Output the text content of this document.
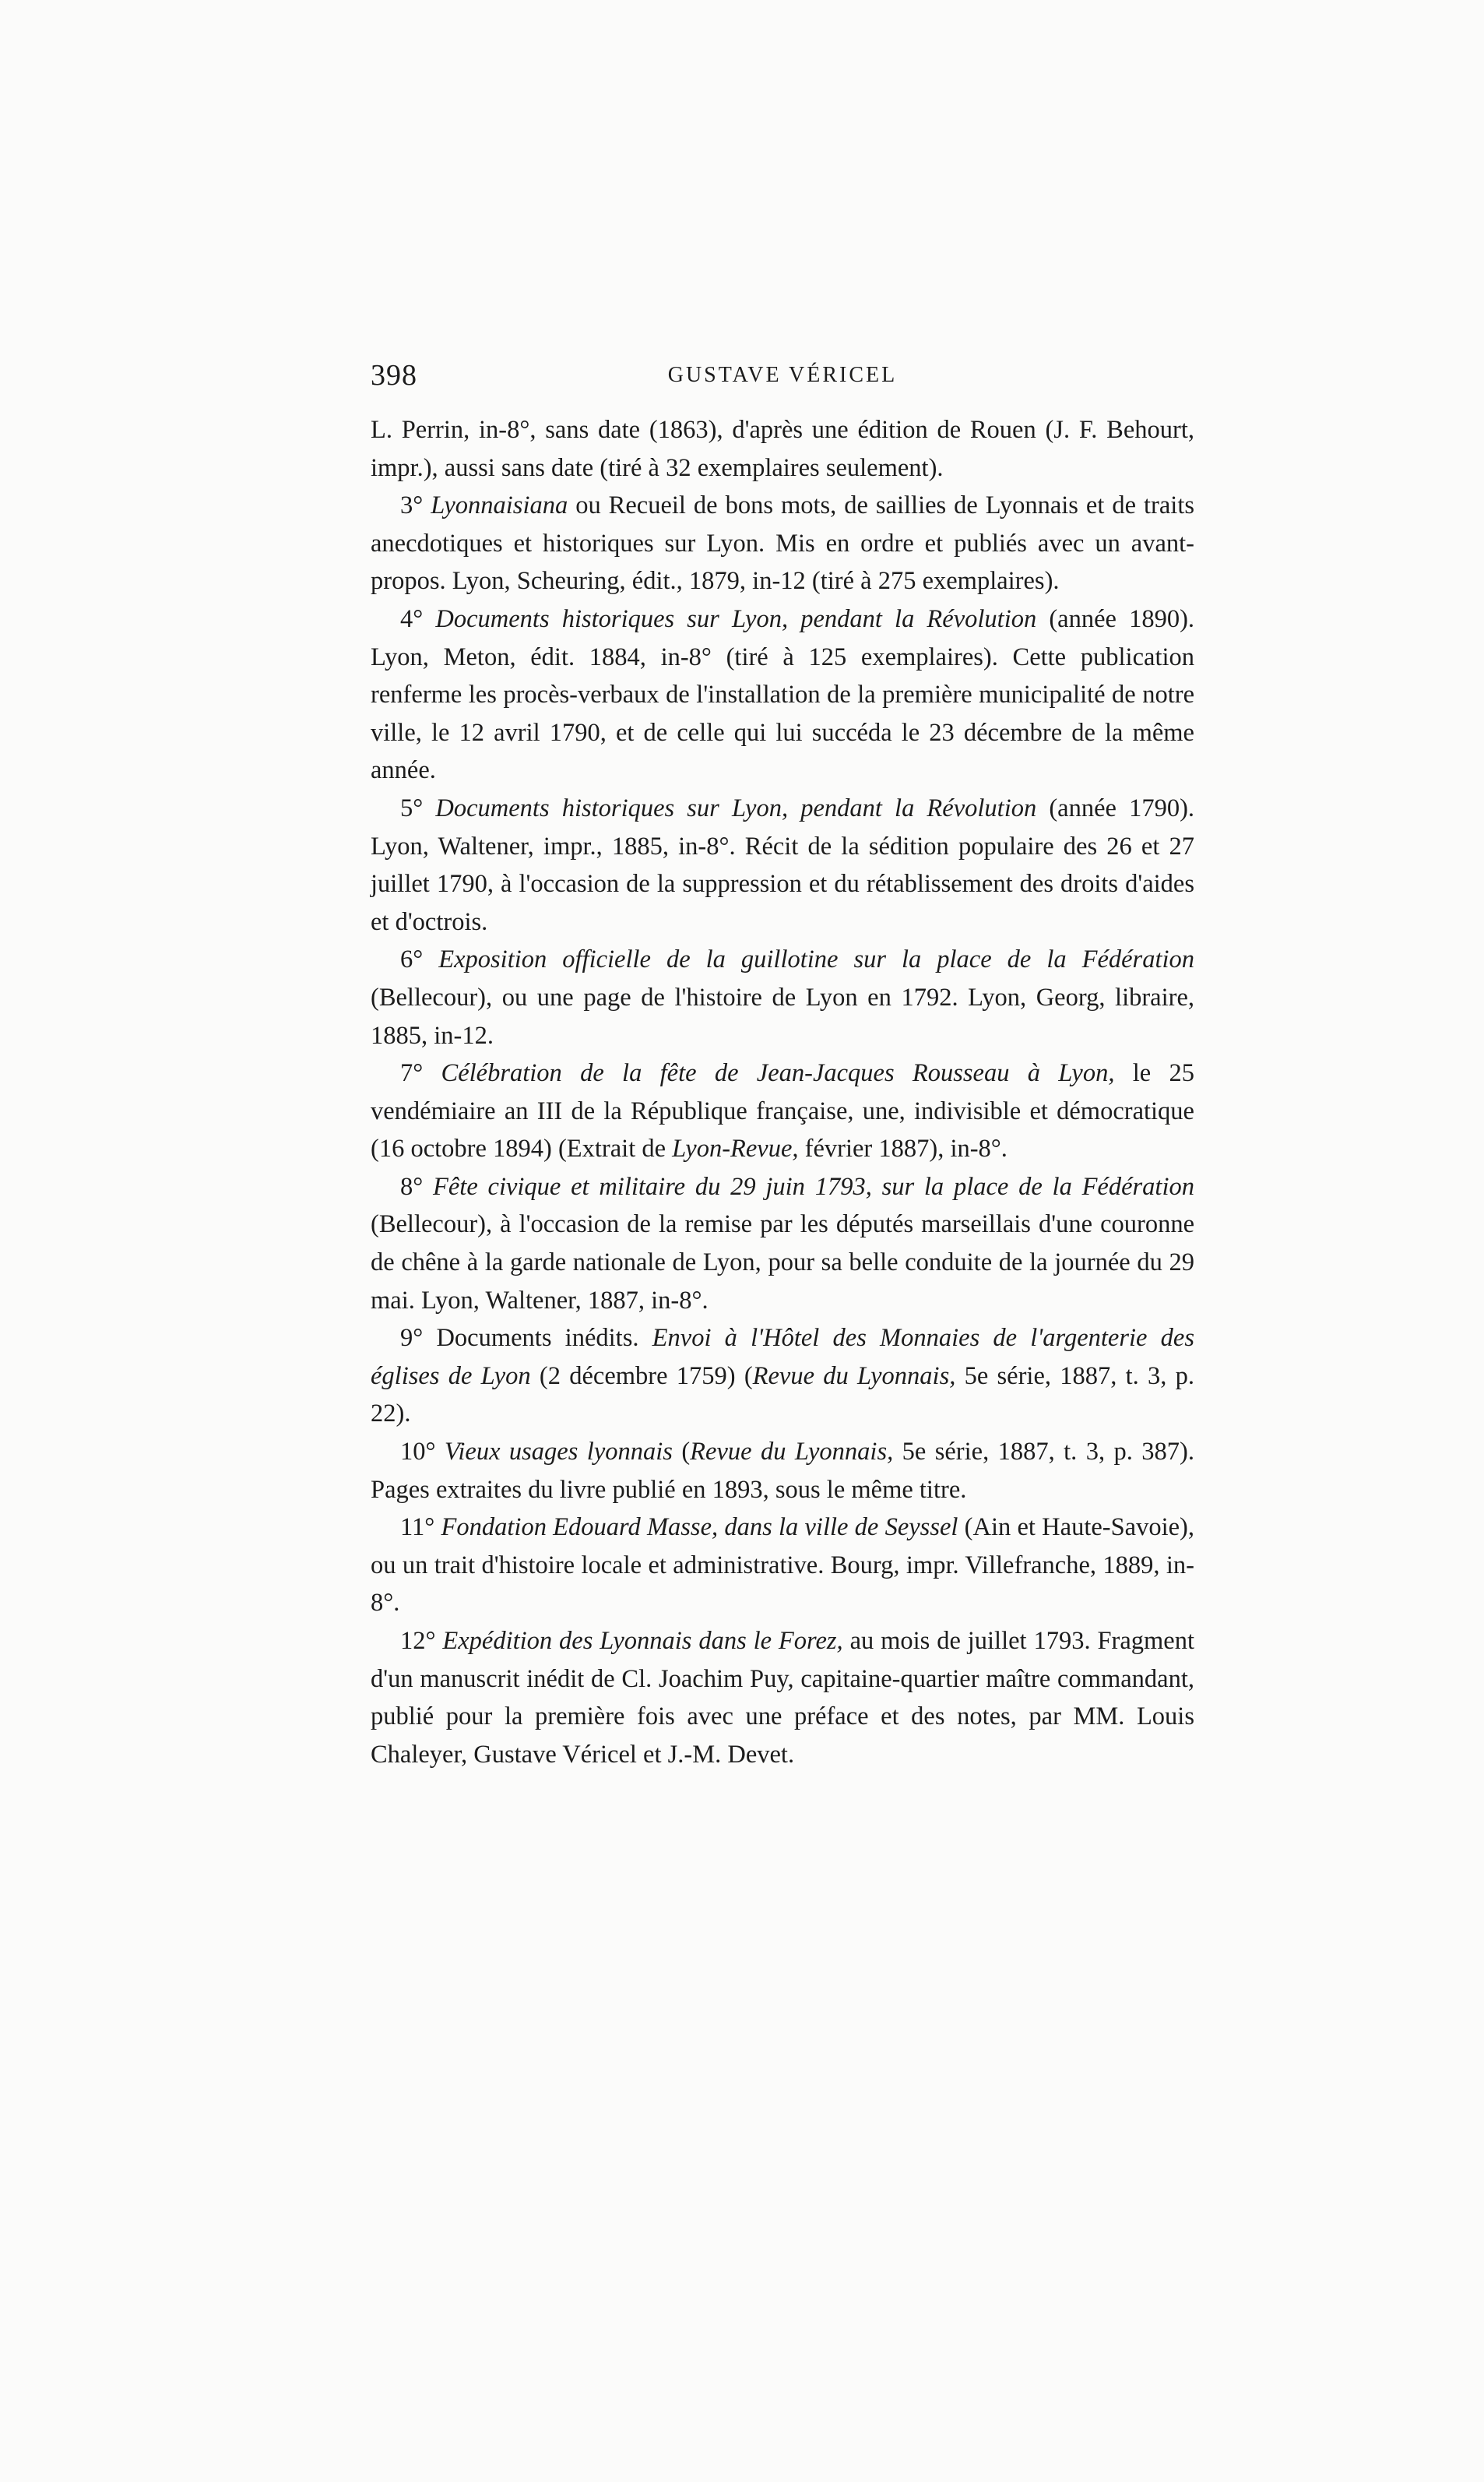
398	GUSTAVE VÉRICEL

L. Perrin, in-8°, sans date (1863), d'après une édition de Rouen (J. F. Behourt, impr.), aussi sans date (tiré à 32 exemplaires seulement).

3° Lyonnaisiana ou Recueil de bons mots, de saillies de Lyonnais et de traits anecdotiques et historiques sur Lyon. Mis en ordre et publiés avec un avant-propos. Lyon, Scheuring, édit., 1879, in-12 (tiré à 275 exemplaires).

4° Documents historiques sur Lyon, pendant la Révolution (année 1890). Lyon, Meton, édit. 1884, in-8° (tiré à 125 exemplaires). Cette publication renferme les procès-verbaux de l'installation de la première municipalité de notre ville, le 12 avril 1790, et de celle qui lui succéda le 23 décembre de la même année.

5° Documents historiques sur Lyon, pendant la Révolution (année 1790). Lyon, Waltener, impr., 1885, in-8°. Récit de la sédition populaire des 26 et 27 juillet 1790, à l'occasion de la suppression et du rétablissement des droits d'aides et d'octrois.

6° Exposition officielle de la guillotine sur la place de la Fédération (Bellecour), ou une page de l'histoire de Lyon en 1792. Lyon, Georg, libraire, 1885, in-12.

7° Célébration de la fête de Jean-Jacques Rousseau à Lyon, le 25 vendémiaire an III de la République française, une, indivisible et démocratique (16 octobre 1894) (Extrait de Lyon-Revue, février 1887), in-8°.

8° Fête civique et militaire du 29 juin 1793, sur la place de la Fédération (Bellecour), à l'occasion de la remise par les députés marseillais d'une couronne de chêne à la garde nationale de Lyon, pour sa belle conduite de la journée du 29 mai. Lyon, Waltener, 1887, in-8°.

9° Documents inédits. Envoi à l'Hôtel des Monnaies de l'argenterie des églises de Lyon (2 décembre 1759) (Revue du Lyonnais, 5e série, 1887, t. 3, p. 22).

10° Vieux usages lyonnais (Revue du Lyonnais, 5e série, 1887, t. 3, p. 387). Pages extraites du livre publié en 1893, sous le même titre.

11° Fondation Edouard Masse, dans la ville de Seyssel (Ain et Haute-Savoie), ou un trait d'histoire locale et administrative. Bourg, impr. Villefranche, 1889, in-8°.

12° Expédition des Lyonnais dans le Forez, au mois de juillet 1793. Fragment d'un manuscrit inédit de Cl. Joachim Puy, capitaine-quartier maître commandant, publié pour la première fois avec une préface et des notes, par MM. Louis Chaleyer, Gustave Véricel et J.-M. Devet.
